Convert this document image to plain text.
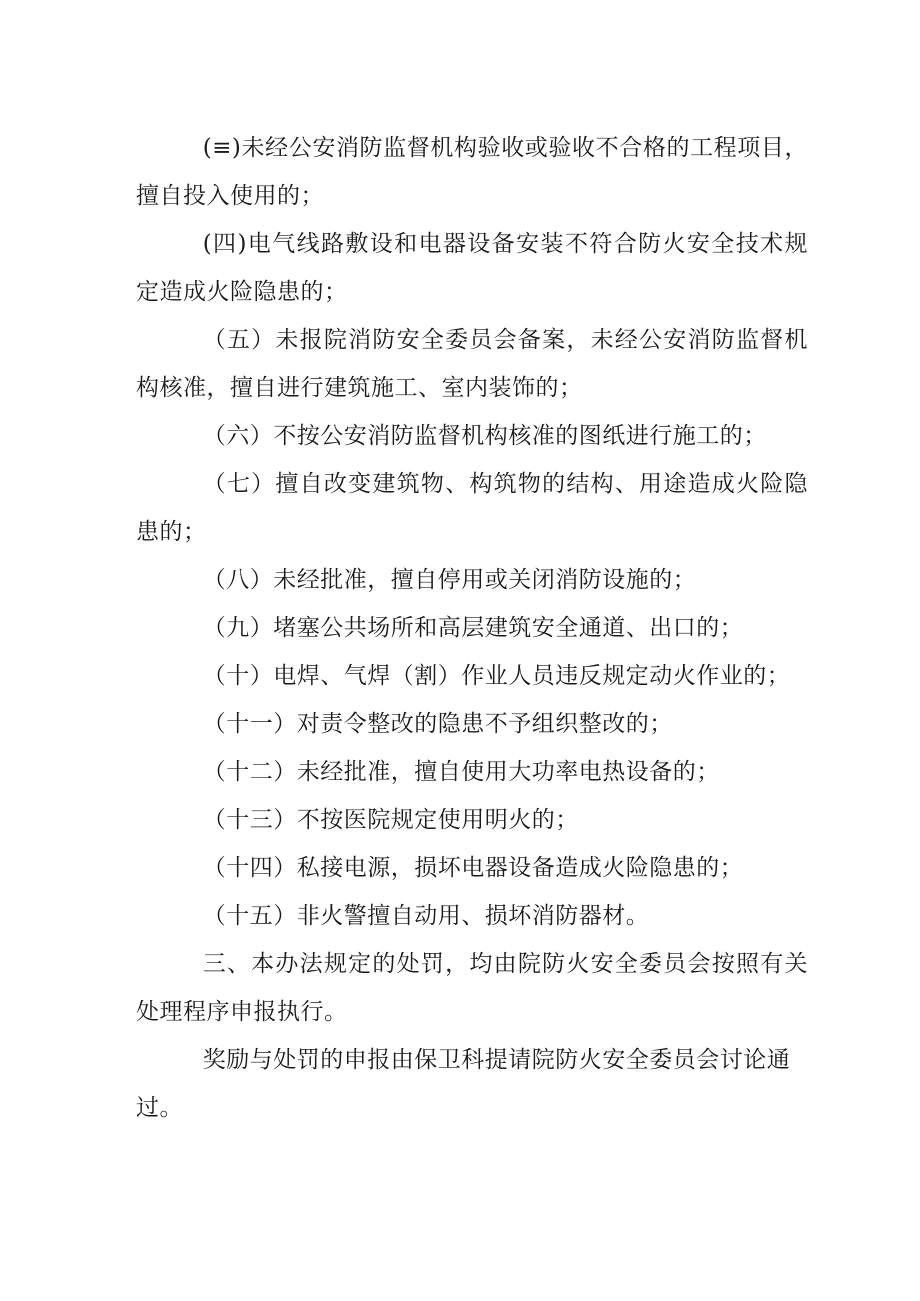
(≡)未经公安消防监督机构验收或验收不合格的工程项目，擅自投入使用的；

(四)电气线路敷设和电器设备安装不符合防火安全技术规定造成火险隐患的；

（五）未报院消防安全委员会备案，未经公安消防监督机构核准，擅自进行建筑施工、室内装饰的；

（六）不按公安消防监督机构核准的图纸进行施工的；

（七）擅自改变建筑物、构筑物的结构、用途造成火险隐患的；

（八）未经批准，擅自停用或关闭消防设施的；

（九）堵塞公共场所和高层建筑安全通道、出口的；

（十）电焊、气焊（割）作业人员违反规定动火作业的；

（十一）对责令整改的隐患不予组织整改的；

（十二）未经批准，擅自使用大功率电热设备的；

（十三）不按医院规定使用明火的；

（十四）私接电源，损坏电器设备造成火险隐患的；

（十五）非火警擅自动用、损坏消防器材。

三、本办法规定的处罚，均由院防火安全委员会按照有关处理程序申报执行。

奖励与处罚的申报由保卫科提请院防火安全委员会讨论通过。
